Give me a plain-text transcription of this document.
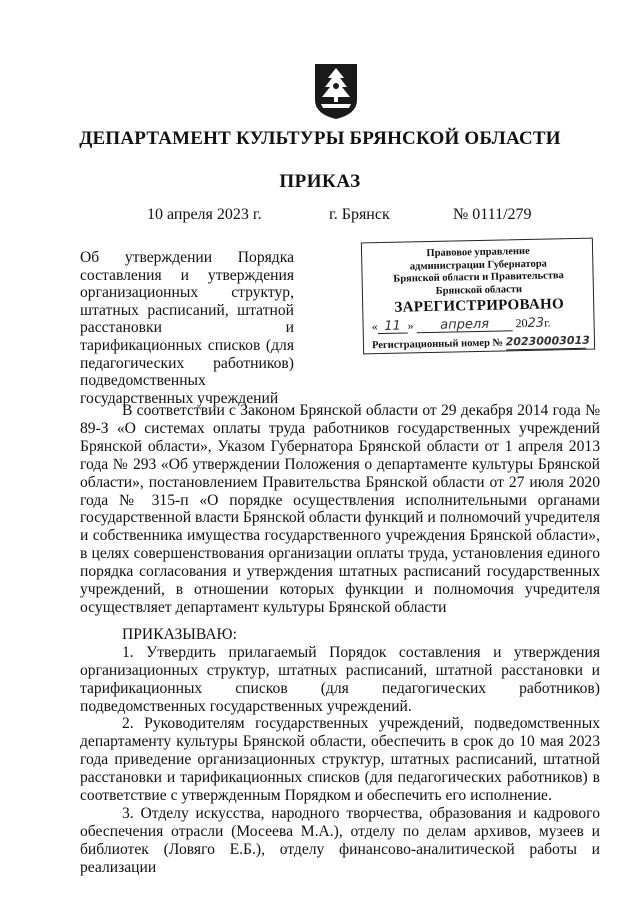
ДЕПАРТАМЕНТ КУЛЬТУРЫ БРЯНСКОЙ ОБЛАСТИ
ПРИКАЗ
10 апреля 2023 г.	г. Брянск	№ 0111/279
Об утверждении Порядка составления и утверждения организационных структур, штатных расписаний, штатной расстановки и тарификационных списков (для педагогических работников) подведомственных государственных учреждений
Правовое управление
администрации Губернатора
Брянской области и Правительства
Брянской области
ЗАРЕГИСТРИРОВАНО
« 11 » апреля 2023г.
Регистрационный номер № 20230003013

В соответствии с Законом Брянской области от 29 декабря 2014 года № 89-З «О системах оплаты труда работников государственных учреждений Брянской области», Указом Губернатора Брянской области от 1 апреля 2013 года № 293 «Об утверждении Положения о департаменте культуры Брянской области», постановлением Правительства Брянской области от 27 июля 2020 года № 315-п «О порядке осуществления исполнительными органами государственной власти Брянской области функций и полномочий учредителя и собственника имущества государственного учреждения Брянской области», в целях совершенствования организации оплаты труда, установления единого порядка согласования и утверждения штатных расписаний государственных учреждений, в отношении которых функции и полномочия учредителя осуществляет департамент культуры Брянской области

ПРИКАЗЫВАЮ:

1. Утвердить прилагаемый Порядок составления и утверждения организационных структур, штатных расписаний, штатной расстановки и тарификационных списков (для педагогических работников) подведомственных государственных учреждений.

2. Руководителям государственных учреждений, подведомственных департаменту культуры Брянской области, обеспечить в срок до 10 мая 2023 года приведение организационных структур, штатных расписаний, штатной расстановки и тарификационных списков (для педагогических работников) в соответствие с утвержденным Порядком и обеспечить его исполнение.

3. Отделу искусства, народного творчества, образования и кадрового обеспечения отрасли (Мосеева М.А.), отделу по делам архивов, музеев и библиотек (Ловяго Е.Б.), отделу финансово-аналитической работы и реализации
